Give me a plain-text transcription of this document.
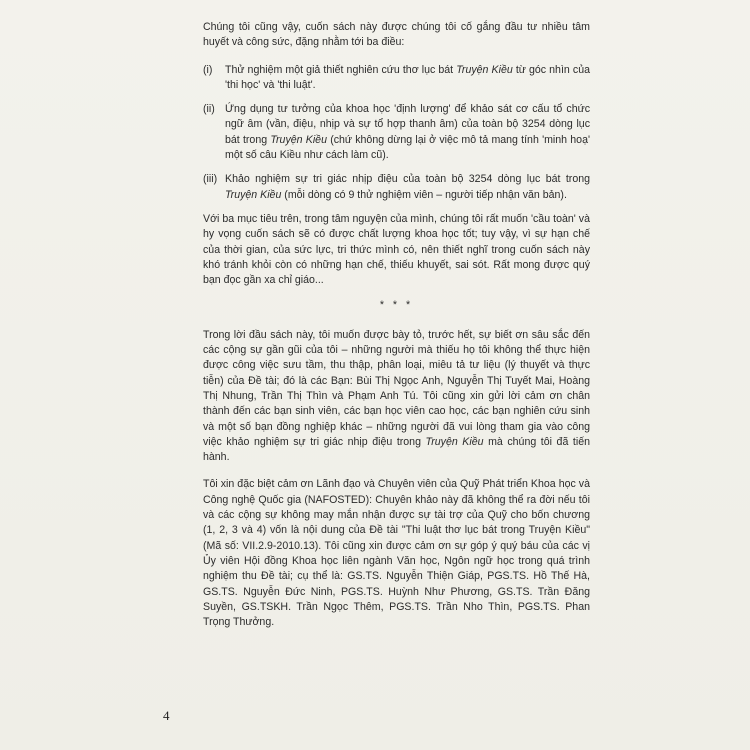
Chúng tôi cũng vậy, cuốn sách này được chúng tôi cố gắng đầu tư nhiều tâm huyết và công sức, đặng nhằm tới ba điều:

(i)	Thử nghiệm một giả thiết nghiên cứu thơ lục bát Truyện Kiều từ góc nhìn của 'thi học' và 'thi luật'.
(ii) Ứng dụng tư tưởng của khoa học 'định lượng' để khảo sát cơ cấu tổ chức ngữ âm (vần, điệu, nhịp và sự tổ hợp thanh âm) của toàn bộ 3254 dòng lục bát trong Truyện Kiều (chứ không dừng lại ở việc mô tả mang tính 'minh hoạ' một số câu Kiều như cách làm cũ).
(iii) Khảo nghiệm sự tri giác nhịp điệu của toàn bộ 3254 dòng lục bát trong Truyện Kiều (mỗi dòng có 9 thử nghiệm viên – người tiếp nhận văn bản).

Với ba mục tiêu trên, trong tâm nguyện của mình, chúng tôi rất muốn 'cầu toàn' và hy vọng cuốn sách sẽ có được chất lượng khoa học tốt; tuy vậy, vì sự hạn chế của thời gian, của sức lực, tri thức mình có, nên thiết nghĩ trong cuốn sách này khó tránh khỏi còn có những hạn chế, thiếu khuyết, sai sót. Rất mong được quý bạn đọc gần xa chỉ giáo...

* * *

Trong lời đầu sách này, tôi muốn được bày tỏ, trước hết, sự biết ơn sâu sắc đến các cộng sự gần gũi của tôi – những người mà thiếu họ tôi không thể thực hiện được công việc sưu tầm, thu thập, phân loại, miêu tả tư liệu (lý thuyết và thực tiễn) của Đề tài; đó là các Bạn: Bùi Thị Ngọc Anh, Nguyễn Thị Tuyết Mai, Hoàng Thị Nhung, Trần Thị Thìn và Phạm Anh Tú. Tôi cũng xin gửi lời cảm ơn chân thành đến các bạn sinh viên, các bạn học viên cao học, các bạn nghiên cứu sinh và một số bạn đồng nghiệp khác – những người đã vui lòng tham gia vào công việc khảo nghiệm sự tri giác nhịp điệu trong Truyện Kiều mà chúng tôi đã tiến hành.

Tôi xin đặc biệt cảm ơn Lãnh đạo và Chuyên viên của Quỹ Phát triển Khoa học và Công nghệ Quốc gia (NAFOSTED): Chuyên khảo này đã không thể ra đời nếu tôi và các cộng sự không may mắn nhận được sự tài trợ của Quỹ cho bốn chương (1, 2, 3 và 4) vốn là nội dung của Đề tài "Thi luật thơ lục bát trong Truyện Kiều" (Mã số: VII.2.9-2010.13). Tôi cũng xin được cảm ơn sự góp ý quý báu của các vị Ủy viên Hội đồng Khoa học liên ngành Văn học, Ngôn ngữ học trong quá trình nghiệm thu Đề tài; cụ thể là: GS.TS. Nguyễn Thiện Giáp, PGS.TS. Hồ Thế Hà, GS.TS. Nguyễn Đức Ninh, PGS.TS. Huỳnh Như Phương, GS.TS. Trần Đăng Suyền, GS.TSKH. Trần Ngọc Thêm, PGS.TS. Trần Nho Thìn, PGS.TS. Phan Trọng Thưởng.

4
